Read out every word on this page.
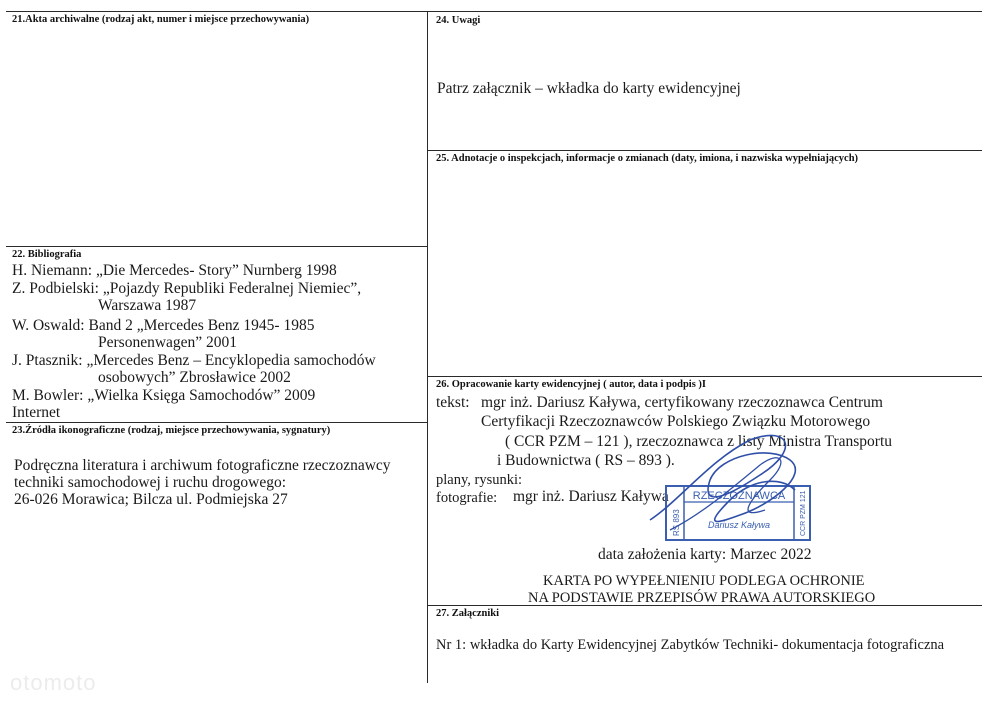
21.Akta archiwalne (rodzaj akt, numer i miejsce przechowywania)
22. Bibliografia
H. Niemann: „Die Mercedes- Story” Nurnberg 1998
Z. Podbielski: „Pojazdy Republiki Federalnej Niemiec”,
Warszawa 1987
W. Oswald: Band 2 „Mercedes Benz 1945- 1985
Personenwagen” 2001
J. Ptasznik: „Mercedes Benz – Encyklopedia samochodów
osobowych” Zbrosławice 2002
M. Bowler: „Wielka Księga Samochodów” 2009
Internet
23.Źródła ikonograficzne (rodzaj, miejsce przechowywania, sygnatury)
Podręczna literatura i archiwum fotograficzne rzeczoznawcy
techniki samochodowej i ruchu drogowego:
26-026 Morawica; Bilcza ul. Podmiejska 27
24. Uwagi
Patrz załącznik – wkładka do karty ewidencyjnej
25. Adnotacje o inspekcjach, informacje o zmianach (daty, imiona, i nazwiska wypełniających)
26. Opracowanie karty ewidencyjnej ( autor, data i podpis )I
tekst: mgr inż. Dariusz Kaływa, certyfikowany rzeczoznawca Centrum
Certyfikacji Rzeczoznawców Polskiego Związku Motorowego
( CCR PZM – 121 ), rzeczoznawca z listy Ministra Transportu
i Budownictwa ( RS – 893 ).
plany, rysunki:
fotografie: mgr inż. Dariusz Kaływa RZECZOZNAWCA
Dariusz Kaływa
RS 893	CCR PZM 121
data założenia karty: Marzec 2022
KARTA PO WYPEŁNIENIU PODLEGA OCHRONIE
NA PODSTAWIE PRZEPISÓW PRAWA AUTORSKIEGO
27. Załączniki
Nr 1: wkładka do Karty Ewidencyjnej Zabytków Techniki- dokumentacja fotograficzna
otomoto
